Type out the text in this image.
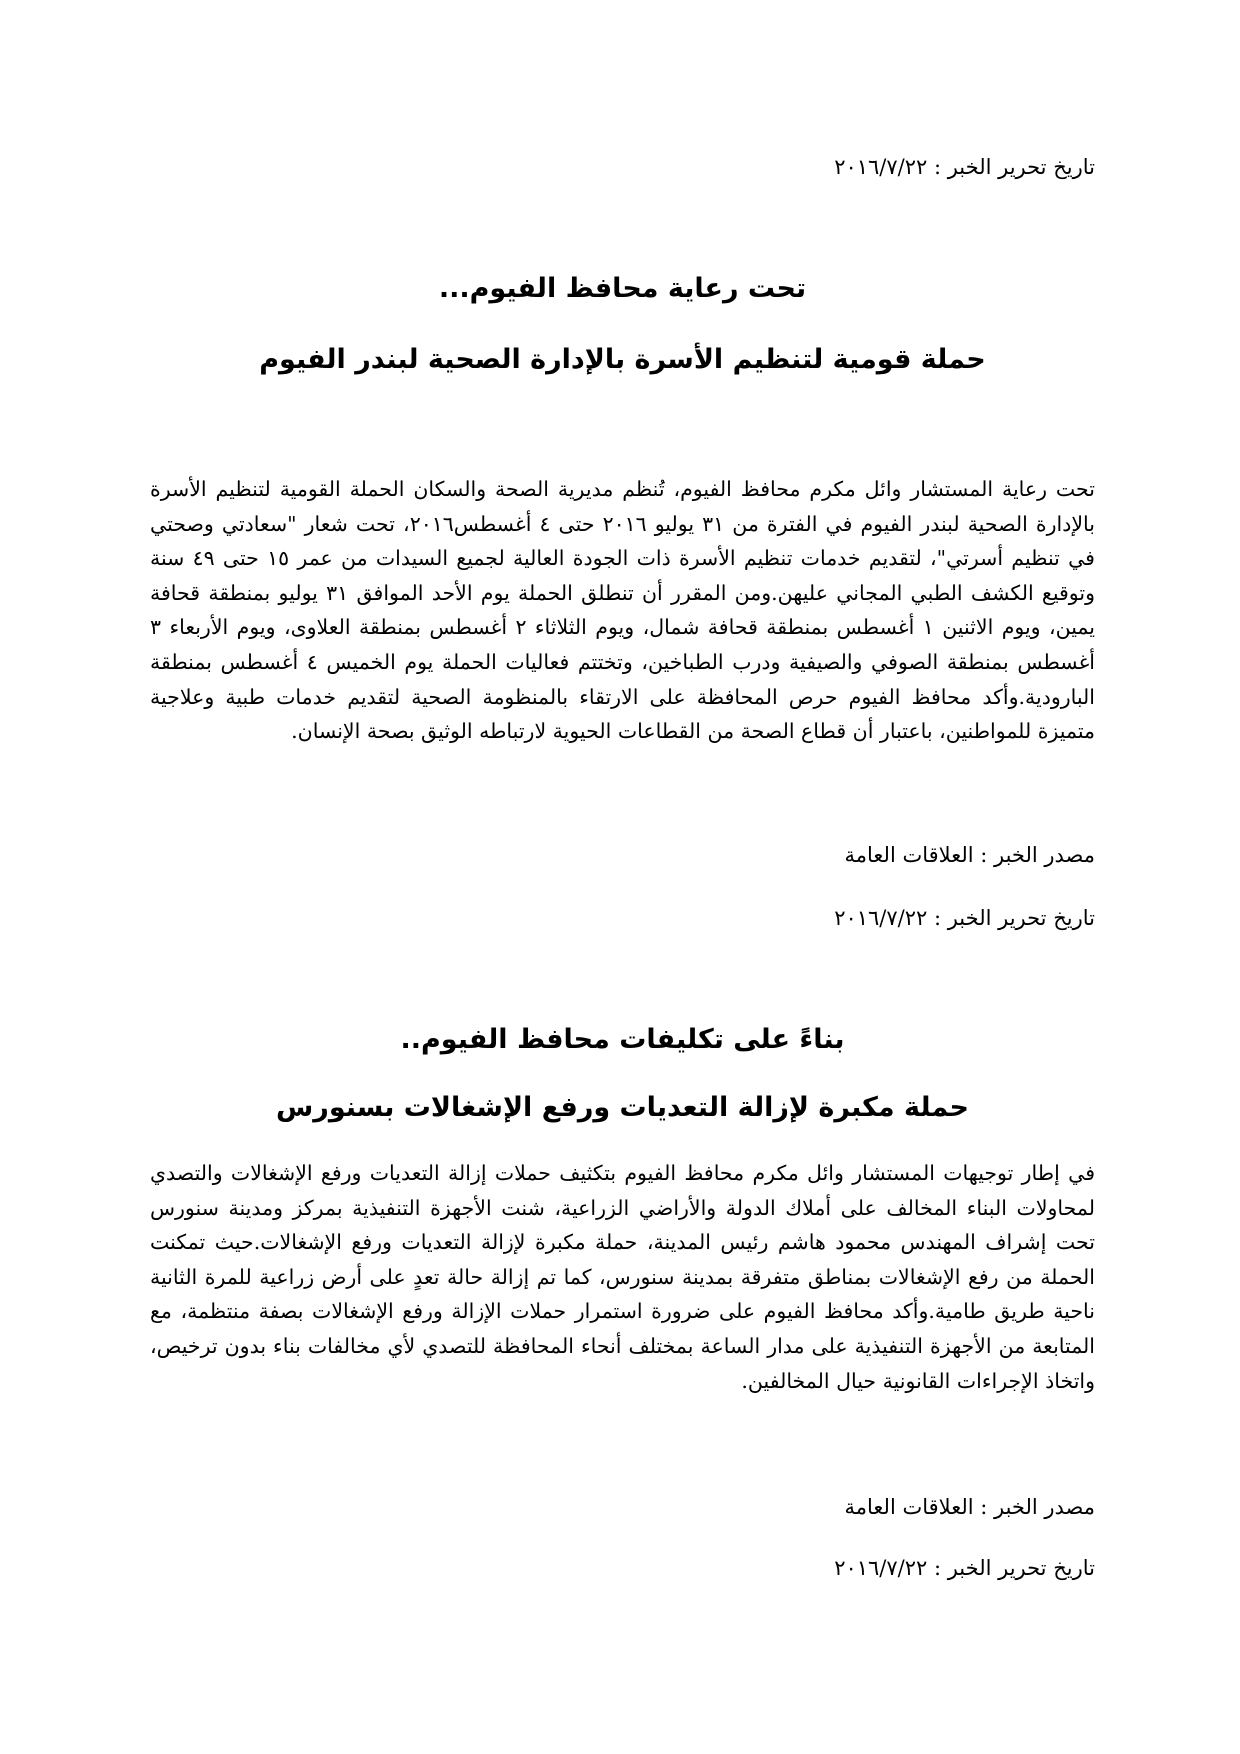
تاريخ تحرير الخبر : ٢٠١٦/٧/٢٢
تحت رعاية محافظ الفيوم...
حملة قومية لتنظيم الأسرة بالإدارة الصحية لبندر الفيوم

تحت رعاية المستشار وائل مكرم محافظ الفيوم، تُنظم مديرية الصحة والسكان الحملة القومية لتنظيم الأسرة بالإدارة الصحية لبندر الفيوم في الفترة من ٣١ يوليو ٢٠١٦ حتى ٤ أغسطس٢٠١٦، تحت شعار "سعادتي وصحتي في تنظيم أسرتي"، لتقديم خدمات تنظيم الأسرة ذات الجودة العالية لجميع السيدات من عمر ١٥ حتى ٤٩ سنة وتوقيع الكشف الطبي المجاني عليهن.ومن المقرر أن تنطلق الحملة يوم الأحد الموافق ٣١ يوليو بمنطقة قحافة يمين، ويوم الاثنين ١ أغسطس بمنطقة قحافة شمال، ويوم الثلاثاء ٢ أغسطس بمنطقة العلاوى، ويوم الأربعاء ٣ أغسطس بمنطقة الصوفي والصيفية ودرب الطباخين، وتختتم فعاليات الحملة يوم الخميس ٤ أغسطس بمنطقة البارودية.وأكد محافظ الفيوم حرص المحافظة على الارتقاء بالمنظومة الصحية لتقديم خدمات طبية وعلاجية متميزة للمواطنين، باعتبار أن قطاع الصحة من القطاعات الحيوية لارتباطه الوثيق بصحة الإنسان.

مصدر الخبر : العلاقات العامة
تاريخ تحرير الخبر : ٢٠١٦/٧/٢٢
بناءً على تكليفات محافظ الفيوم..
حملة مكبرة لإزالة التعديات ورفع الإشغالات بسنورس

في إطار توجيهات المستشار وائل مكرم محافظ الفيوم بتكثيف حملات إزالة التعديات ورفع الإشغالات والتصدي لمحاولات البناء المخالف على أملاك الدولة والأراضي الزراعية، شنت الأجهزة التنفيذية بمركز ومدينة سنورس تحت إشراف المهندس محمود هاشم رئيس المدينة، حملة مكبرة لإزالة التعديات ورفع الإشغالات.حيث تمكنت الحملة من رفع الإشغالات بمناطق متفرقة بمدينة سنورس، كما تم إزالة حالة تعدٍ على أرض زراعية للمرة الثانية ناحية طريق طامية.وأكد محافظ الفيوم على ضرورة استمرار حملات الإزالة ورفع الإشغالات بصفة منتظمة، مع المتابعة من الأجهزة التنفيذية على مدار الساعة بمختلف أنحاء المحافظة للتصدي لأي مخالفات بناء بدون ترخيص، واتخاذ الإجراءات القانونية حيال المخالفين.

مصدر الخبر : العلاقات العامة
تاريخ تحرير الخبر : ٢٠١٦/٧/٢٢
